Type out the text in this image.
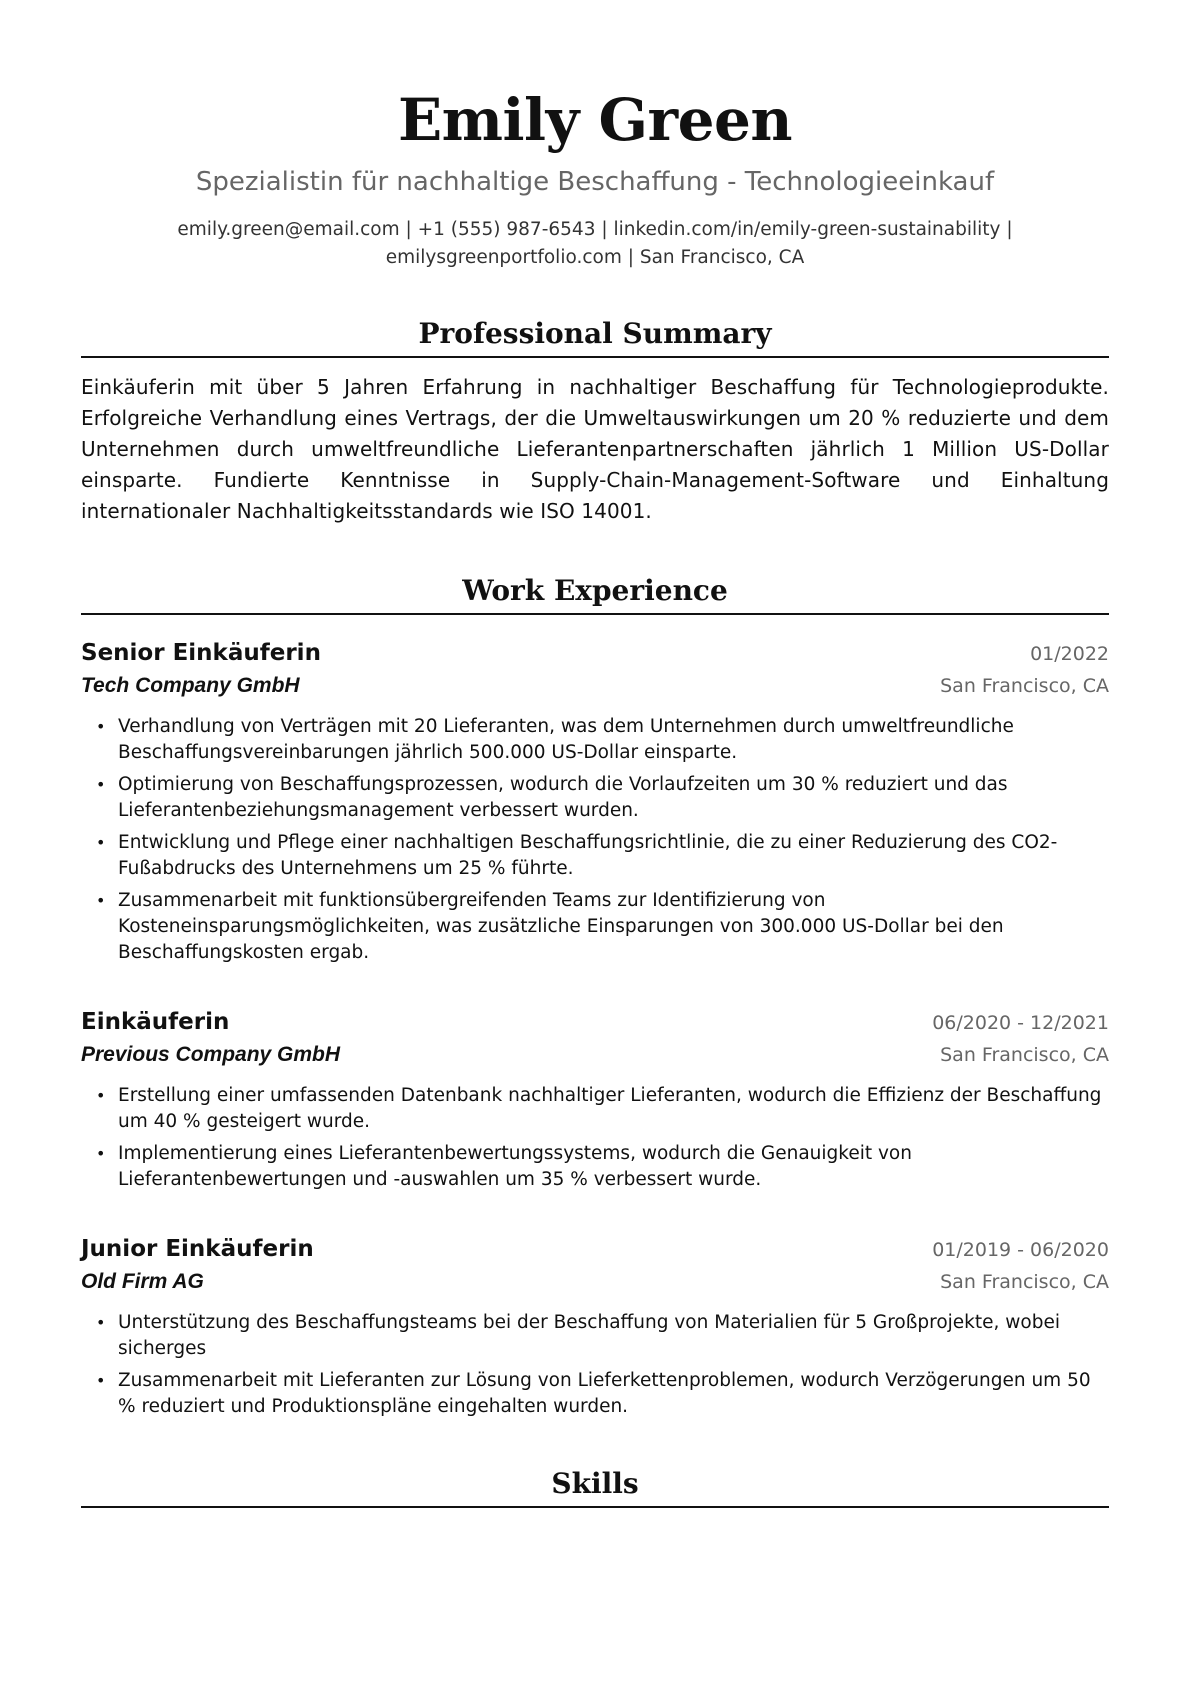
Emily Green
Spezialistin für nachhaltige Beschaffung - Technologieeinkauf
emily.green@email.com | +1 (555) 987-6543 | linkedin.com/in/emily-green-sustainability |
emilysgreenportfolio.com | San Francisco, CA
Professional Summary

Einkäuferin mit über 5 Jahren Erfahrung in nachhaltiger Beschaffung für Technologieprodukte. Erfolgreiche Verhandlung eines Vertrags, der die Umweltauswirkungen um 20 % reduzierte und dem Unternehmen durch umweltfreundliche Lieferantenpartnerschaften jährlich 1 Million US-Dollar einsparte. Fundierte Kenntnisse in Supply-Chain-Management-Software und Einhaltung internationaler Nachhaltigkeitsstandards wie ISO 14001.

Work Experience
Senior Einkäuferin	01/2022
Tech Company GmbH	San Francisco, CA
• Verhandlung von Verträgen mit 20 Lieferanten, was dem Unternehmen durch umweltfreundliche Beschaffungsvereinbarungen jährlich 500.000 US-Dollar einsparte.
• Optimierung von Beschaffungsprozessen, wodurch die Vorlaufzeiten um 30 % reduziert und das Lieferantenbeziehungsmanagement verbessert wurden.
• Entwicklung und Pflege einer nachhaltigen Beschaffungsrichtlinie, die zu einer Reduzierung des CO2-Fußabdrucks des Unternehmens um 25 % führte.
• Zusammenarbeit mit funktionsübergreifenden Teams zur Identifizierung von Kosteneinsparungsmöglichkeiten, was zusätzliche Einsparungen von 300.000 US-Dollar bei den Beschaffungskosten ergab.
Einkäuferin	06/2020 - 12/2021
Previous Company GmbH	San Francisco, CA
• Erstellung einer umfassenden Datenbank nachhaltiger Lieferanten, wodurch die Effizienz der Beschaffung um 40 % gesteigert wurde.
• Implementierung eines Lieferantenbewertungssystems, wodurch die Genauigkeit von Lieferantenbewertungen und -auswahlen um 35 % verbessert wurde.
Junior Einkäuferin	01/2019 - 06/2020
Old Firm AG	San Francisco, CA
• Unterstützung des Beschaffungsteams bei der Beschaffung von Materialien für 5 Großprojekte, wobei sicherges
• Zusammenarbeit mit Lieferanten zur Lösung von Lieferkettenproblemen, wodurch Verzögerungen um 50 % reduziert und Produktionspläne eingehalten wurden.
Skills
